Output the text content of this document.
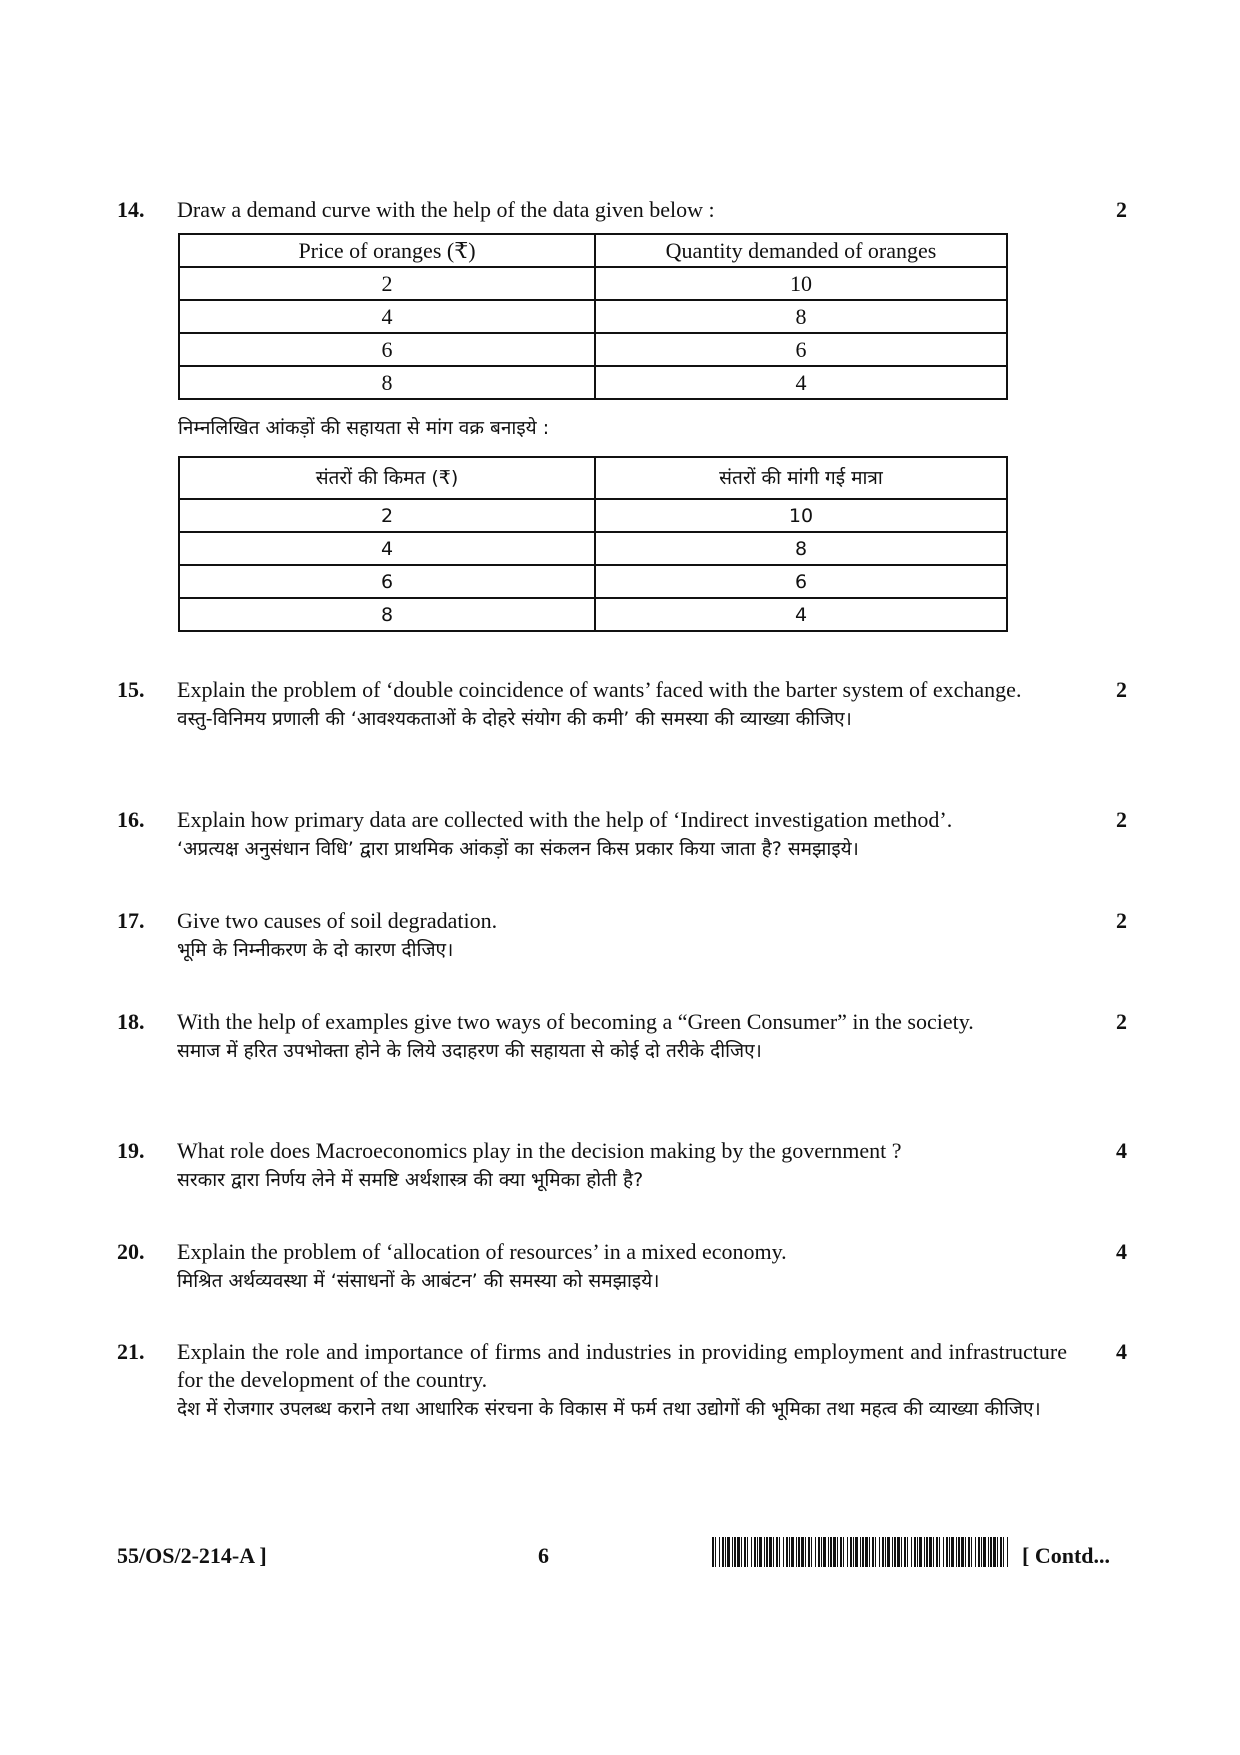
14. Draw a demand curve with the help of the data given below :	2
Price of oranges (₹)	Quantity demanded of oranges
2	10
4	8
6	6
8	4
निम्नलिखित आंकड़ों की सहायता से मांग वक्र बनाइये :
संतरों की किमत (₹)	संतरों की मांगी गई मात्रा
2	10
4	8
6	6
8	4
15. Explain the problem of ‘double coincidence of wants’ faced with the barter system of exchange.
वस्तु-विनिमय प्रणाली की ‘आवश्यकताओं के दोहरे संयोग की कमी’ की समस्या की व्याख्या कीजिए।
2
16. Explain how primary data are collected with the help of ‘Indirect investigation method’.
‘अप्रत्यक्ष अनुसंधान विधि’ द्वारा प्राथमिक आंकड़ों का संकलन किस प्रकार किया जाता है? समझाइये।
2
17. Give two causes of soil degradation.
भूमि के निम्नीकरण के दो कारण दीजिए।
2
18. With the help of examples give two ways of becoming a “Green Consumer” in the society.
समाज में हरित उपभोक्ता होने के लिये उदाहरण की सहायता से कोई दो तरीके दीजिए।
2
19. What role does Macroeconomics play in the decision making by the government ?
सरकार द्वारा निर्णय लेने में समष्टि अर्थशास्त्र की क्या भूमिका होती है?
4
20. Explain the problem of ‘allocation of resources’ in a mixed economy.
मिश्रित अर्थव्यवस्था में ‘संसाधनों के आबंटन’ की समस्या को समझाइये।
4
21. Explain the role and importance of firms and industries in providing employment and infrastructure for the development of the country.
देश में रोजगार उपलब्ध कराने तथा आधारिक संरचना के विकास में फर्म तथा उद्योगों की भूमिका तथा महत्व की व्याख्या कीजिए।
4
55/OS/2-214-A ]	6	[ Contd...
